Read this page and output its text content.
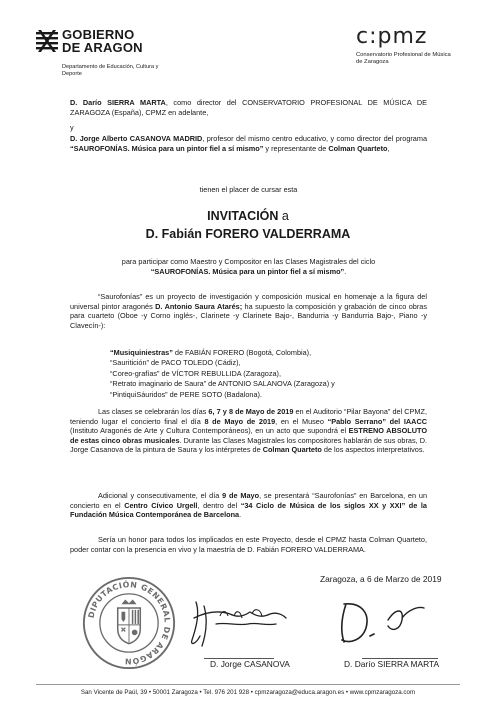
GOBIERNO
DE ARAGON
Departamento de Educación, Cultura y Deporte
c:pmz
Conservatorio Profesional de Música de Zaragoza
D. Darío SIERRA MARTA, como director del CONSERVATORIO PROFESIONAL DE MÚSICA DE ZARAGOZA (España), CPMZ en adelante,
y
D. Jorge Alberto CASANOVA MADRID, profesor del mismo centro educativo, y como director del programa “SAUROFONÍAS. Música para un pintor fiel a sí mismo” y representante de Colman Quarteto,
tienen el placer de cursar esta
INVITACIÓN a
D. Fabián FORERO VALDERRAMA
para participar como Maestro y Compositor en las Clases Magistrales del ciclo
“SAUROFONÍAS. Música para un pintor fiel a sí mismo”.
“Saurofonías” es un proyecto de investigación y composición musical en homenaje a la figura del universal pintor aragonés D. Antonio Saura Atarés; ha supuesto la composición y grabación de cinco obras para cuarteto (Oboe -y Corno inglés-, Clarinete -y Clarinete Bajo-, Bandurria -y Bandurria Bajo-, Piano -y Clavecín-):
“Musiquiniestras” de FABIÁN FORERO (Bogotá, Colombia),
“Sauritición” de PACO TOLEDO (Cádiz),
“Coreo-grafías” de VÍCTOR REBULLIDA (Zaragoza),
“Retrato imaginario de Saura” de ANTONIO SALANOVA (Zaragoza) y
“PintiquiSáuridos” de PERE SOTO (Badalona).
Las clases se celebrarán los días 6, 7 y 8 de Mayo de 2019 en el Auditorio “Pilar Bayona” del CPMZ, teniendo lugar el concierto final el día 8 de Mayo de 2019, en el Museo “Pablo Serrano” del IAACC (Instituto Aragonés de Arte y Cultura Contemporáneos), en un acto que supondrá el ESTRENO ABSOLUTO de estas cinco obras musicales. Durante las Clases Magistrales los compositores hablarán de sus obras, D. Jorge Casanova de la pintura de Saura y los intérpretes de Colman Quarteto de los aspectos interpretativos.
Adicional y consecutivamente, el día 9 de Mayo, se presentará “Saurofonías” en Barcelona, en un concierto en el Centro Cívico Urgell, dentro del “34 Ciclo de Música de los siglos XX y XXI” de la Fundación Música Contemporánea de Barcelona.
Sería un honor para todos los implicados en este Proyecto, desde el CPMZ hasta Colman Quarteto, poder contar con la presencia en vivo y la maestría de D. Fabián FORERO VALDERRAMA.
Zaragoza, a 6 de Marzo de 2019
DIPUTACIÓN GENERAL DE ARAGÓN	D. Jorge CASANOVA	D. Darío SIERRA MARTA
San Vicente de Paúl, 39 • 50001 Zaragoza • Tel. 976 201 928 • cpmzaragoza@educa.aragon.es • www.cpmzaragoza.com
